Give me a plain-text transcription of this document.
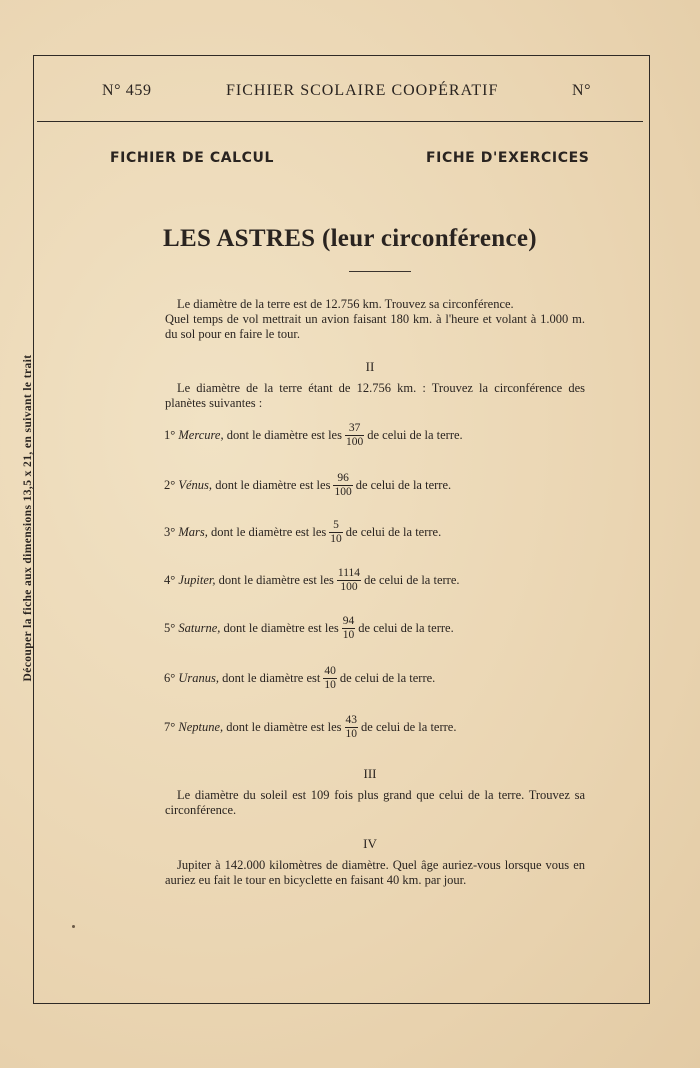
N° 459	FICHIER SCOLAIRE COOPÉRATIF	N°
FICHIER DE CALCUL	FICHE D'EXERCICES
LES ASTRES (leur circonférence)
Le diamètre de la terre est de 12.756 km. Trouvez sa circonférence.
Quel temps de vol mettrait un avion faisant 180 km. à l'heure et volant à 1.000 m. du sol pour en faire le tour.
II
Le diamètre de la terre étant de 12.756 km. : Trouvez la circonférence des planètes suivantes :
1°
Mercure,
dont le diamètre est les $\frac{37}{100}$ de celui de la terre.
2°
Vénus,
dont le diamètre est les $\frac{96}{100}$ de celui de la terre.
3°
Mars,
dont le diamètre est les $\frac{5}{10}$ de celui de la terre.
4°
Jupiter,
dont le diamètre est les $\frac{1114}{100}$ de celui de la terre.
5°
Saturne,
dont le diamètre est les $\frac{94}{10}$ de celui de la terre.
6°
Uranus,
dont le diamètre est $\frac{40}{10}$ de celui de la terre.
7°
Neptune,
dont le diamètre est les $\frac{43}{10}$ de celui de la terre.
III
Le diamètre du soleil est 109 fois plus grand que celui de la terre. Trouvez sa circonférence.
IV
Jupiter à 142.000 kilomètres de diamètre. Quel âge auriez-vous lorsque vous en auriez eu fait le tour en bicyclette en faisant 40 km. par jour.
Découper la fiche aux dimensions 13,5 x 21, en suivant le trait
